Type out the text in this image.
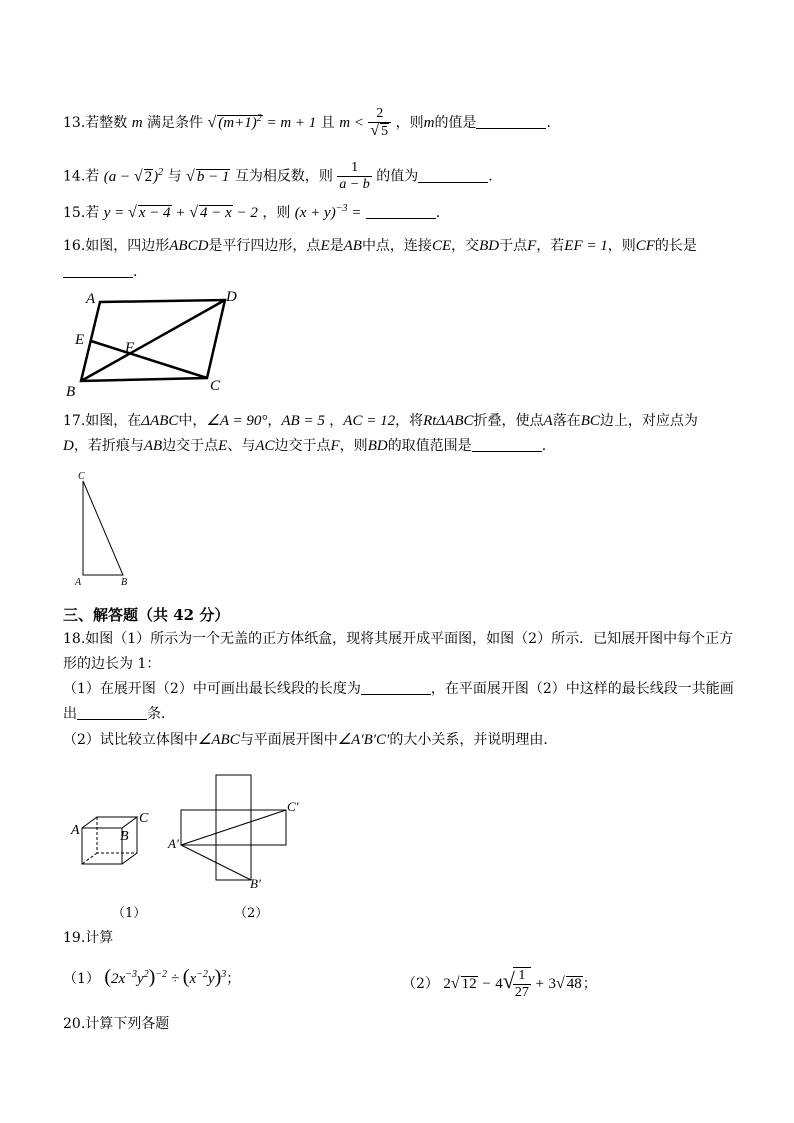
13.若整数 m 满足条件 √ $(m+1)^2 = m + 1$ 且 $m < \frac{2}{√ 5}$ ，则m的值是	.
14.若 (a − √ 2)$^2$ 与 √ b − 1 互为相反数，则 $\frac{1}{a - b}$ 的值为	.
15.若 y = √ x − 4 + √ 4 − x − 2 ，则 $(x + y)^{-3}$ =	.
16.如图，四边形ABCD是平行四边形，点E是AB中点，连接CE，交BD于点F，若EF = 1，则CF的长是
.
A	D
E	F
B	C
17.如图，在ΔABC中，∠A = 90°，AB = 5 ，AC = 12，将RtΔABC折叠，使点A落在BC边上，对应点为
D，若折痕与AB边交于点E、与AC边交于点F，则BD的取值范围是	.
C
A	B
三、解答题（共 42 分）
18.如图（1）所示为一个无盖的正方体纸盒，现将其展开成平面图，如图（2）所示．已知展开图中每个正方
形的边长为 1：
（1）在展开图（2）中可画出最长线段的长度为	，在平面展开图（2）中这样的最长线段一共能画
出	条．
（2）试比较立体图中∠ABC与平面展开图中∠A′B′C′的大小关系，并说明理由．
A	B
C
A′
C′
B′
（1）	（2）
19.计算
（1） $(2x^{-3}y^2)^{-2} \div (x^{-2}y)^3$；	（2） 2√ 12 − 4√
$\frac{1}{27} + 3√$ 48；
20.计算下列各题
